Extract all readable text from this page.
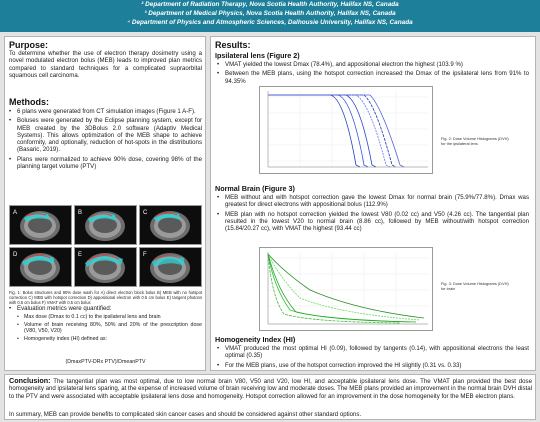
² Department of Radiation Therapy, Nova Scotia Health Authority, Halifax NS, Canada
³ Department of Medical Physics, Nova Scotia Health Authority, Halifax NS, Canada
⁴ Department of Physics and Atmospheric Sciences, Dalhousie University, Halifax NS, Canada
Purpose:
To determine whether the use of electron therapy dosimetry using a novel modulated electron bolus (MEB) leads to improved plan metrics compared to standard techniques for a complicated supraorbital squamous cell carcinoma.
Methods:
• 6 plans were generated from CT simulation images (Figure 1 A-F).
• Boluses were generated by the Eclipse planning system, except for MEB created by the 3DBolus 2.0 software (Adaptiv Medical Systems). This allows optimization of the MEB shape to achieve conformity, and optionally, reduction of hot-spots in the distributions (Basaric, 2019).
• Plans were normalized to achieve 90% dose, covering 98% of the planning target volume (PTV)
A	B	C
D	E	F
Fig. 1: Bolus structures and 90% dose wash for A) direct electron block bolus B) MEB with no hotspot correction C) MEB with hotspot correction D) appositional electron with 0.5 cm bolus E) tangent photons with 0.5 cm bolus F) VMAT with 0.5 cm bolus
• Evaluation metrics were quantified:
• Max dose (Dmax to 0.1 cc) to the ipsilateral lens and brain
• Volume of brain receiving 80%, 50% and 20% of the prescription dose (V80, V50, V20)
• Homogeneity index (HI) defined as:
(DmaxPTV-DRx PTV)/DmeanPTV
Results:
Ipsilateral lens (Figure 2)
• VMAT yielded the lowest Dmax (78.4%), and appositional electron the highest (103.9 %)
• Between the MEB plans, using the hotspot correction increased the Dmax of the ipsilateral lens from 91% to 94.35%
Fig. 2: Dose Volume Histograms (DVH) for the ipsilateral lens
Normal Brain (Figure 3)
• MEB without and with hotspot correction gave the lowest Dmax for normal brain (75.9%/77.8%). Dmax was greatest for direct electrons with appositional bolus (112.9%)
• MEB plan with no hotspot correction yielded the lowest V80 (0.02 cc) and V50 (4.26 cc). The tangential plan resulted in the lowest V20 to normal brain (8.86 cc), followed by MEB without/with hotspot correction (15.84/20.27 cc), with VMAT the highest (93.44 cc)
Fig. 3: Dose Volume Histograms (DVH) for brain
Homogeneity Index (HI)
• VMAT produced the most optimal HI (0.09), followed by tangents (0.14), with appositional electrons the least optimal (0.35)
• For the MEB plans, use of the hotspot correction improved the HI slightly (0.31 vs. 0.33)
Conclusion: The tangential plan was most optimal, due to low normal brain V80, V50 and V20, low HI, and acceptable ipsilateral lens dose. The VMAT plan provided the best dose homogeneity and ipsilateral lens sparing, at the expense of increased volume of brain receiving low and moderate doses. The MEB plans provided an improvement in the normal brain DVH distal to the PTV and were associated with acceptable ipsilateral lens dose and homogeneity. Hotspot correction allowed for an improvement in the dose homogeneity for the MEB electron plans.
In summary, MEB can provide benefits to complicated skin cancer cases and should be considered against other standard options.
